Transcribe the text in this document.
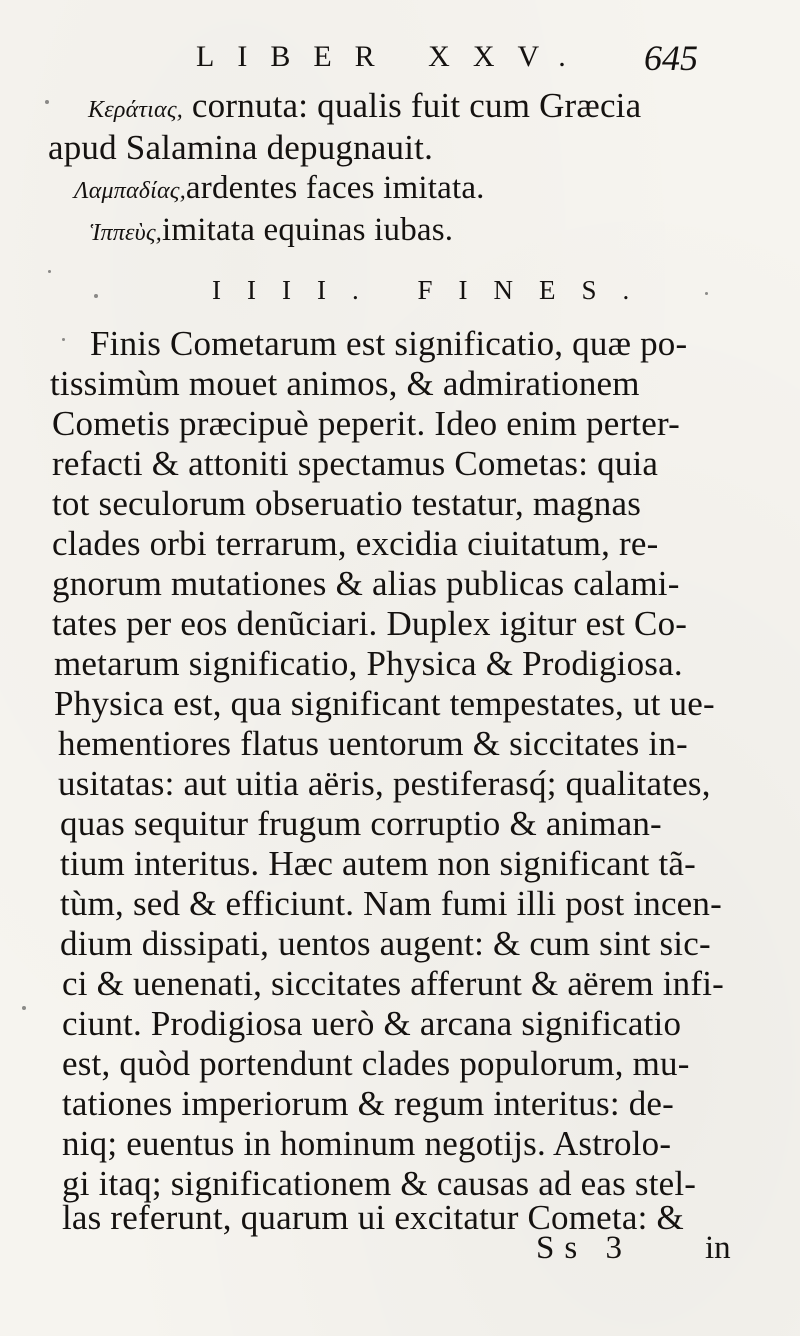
LIBER XXV. 645
Κεράτιας, cornuta: qualis fuit cum Græcia
apud Salamina depugnauit.
Λαμπαδίας,ardentes faces imitata.
Ἱππεὺς,imitata equinas iubas.
IIII. FINES.
Finis Cometarum est significatio, quæ po-
tissimùm mouet animos, & admirationem
Cometis præcipuè peperit. Ideo enim perter-
refacti & attoniti spectamus Cometas: quia
tot seculorum obseruatio testatur, magnas
clades orbi terrarum, excidia ciuitatum, re-
gnorum mutationes & alias publicas calami-
tates per eos denũciari. Duplex igitur est Co-
metarum significatio, Physica & Prodigiosa.
Physica est, qua significant tempestates, ut ue-
hementiores flatus uentorum & siccitates in-
usitatas: aut uitia aëris, pestiferasq́; qualitates,
quas sequitur frugum corruptio & animan-
tium interitus. Hæc autem non significant tã-
tùm, sed & efficiunt. Nam fumi illi post incen-
dium dissipati, uentos augent: & cum sint sic-
ci & uenenati, siccitates afferunt & aërem infi-
ciunt. Prodigiosa uerò & arcana significatio
est, quòd portendunt clades populorum, mu-
tationes imperiorum & regum interitus: de-
niq; euentus in hominum negotijs. Astrolo-
gi itaq; significationem & causas ad eas stel-
las referunt, quarum ui excitatur Cometa: &
Ss 3 in
